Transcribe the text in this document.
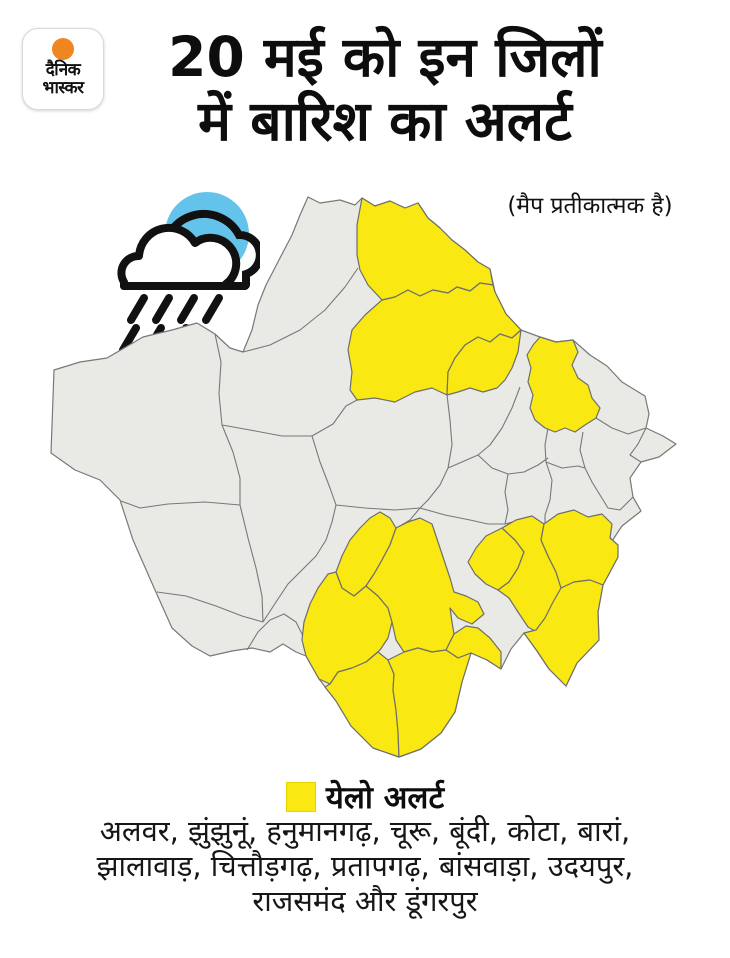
दैनिक
भास्कर	20 मई को इन जिलों
में बारिश का अलर्ट
(मैप प्रतीकात्मक है)
येलो अलर्ट
अलवर, झुंझुनूं, हनुमानगढ़, चूरू, बूंदी, कोटा, बारां,
झालावाड़, चित्तौड़गढ़, प्रतापगढ़, बांसवाड़ा, उदयपुर,
राजसमंद और डूंगरपुर
